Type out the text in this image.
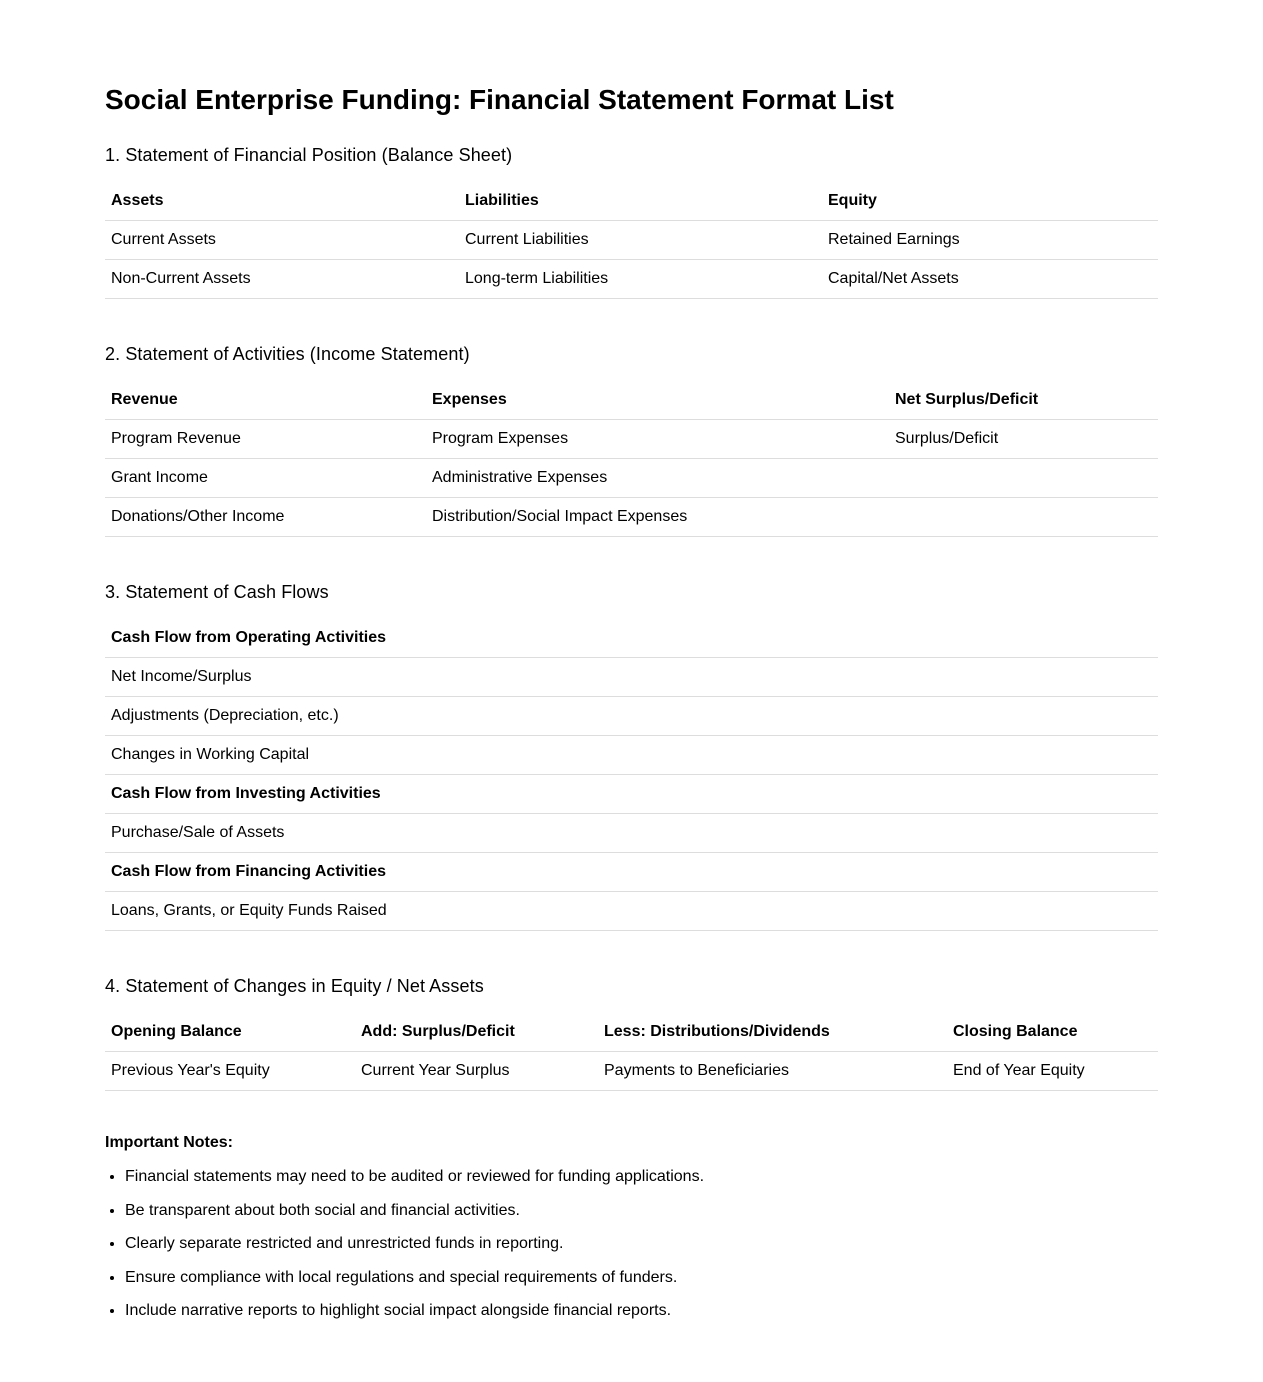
Social Enterprise Funding: Financial Statement Format List
1. Statement of Financial Position (Balance Sheet)
Assets	Liabilities	Equity
Current Assets	Current Liabilities	Retained Earnings
Non-Current Assets	Long-term Liabilities	Capital/Net Assets
2. Statement of Activities (Income Statement)
Revenue	Expenses	Net Surplus/Deficit
Program Revenue	Program Expenses	Surplus/Deficit
Grant Income	Administrative Expenses	
Donations/Other Income	Distribution/Social Impact Expenses	
3. Statement of Cash Flows
Cash Flow from Operating Activities
Net Income/Surplus
Adjustments (Depreciation, etc.)
Changes in Working Capital
Cash Flow from Investing Activities
Purchase/Sale of Assets
Cash Flow from Financing Activities
Loans, Grants, or Equity Funds Raised
4. Statement of Changes in Equity / Net Assets
Opening Balance	Add: Surplus/Deficit	Less: Distributions/Dividends	Closing Balance
Previous Year's Equity	Current Year Surplus	Payments to Beneficiaries	End of Year Equity
Important Notes:
• Financial statements may need to be audited or reviewed for funding applications.
• Be transparent about both social and financial activities.
• Clearly separate restricted and unrestricted funds in reporting.
• Ensure compliance with local regulations and special requirements of funders.
• Include narrative reports to highlight social impact alongside financial reports.
